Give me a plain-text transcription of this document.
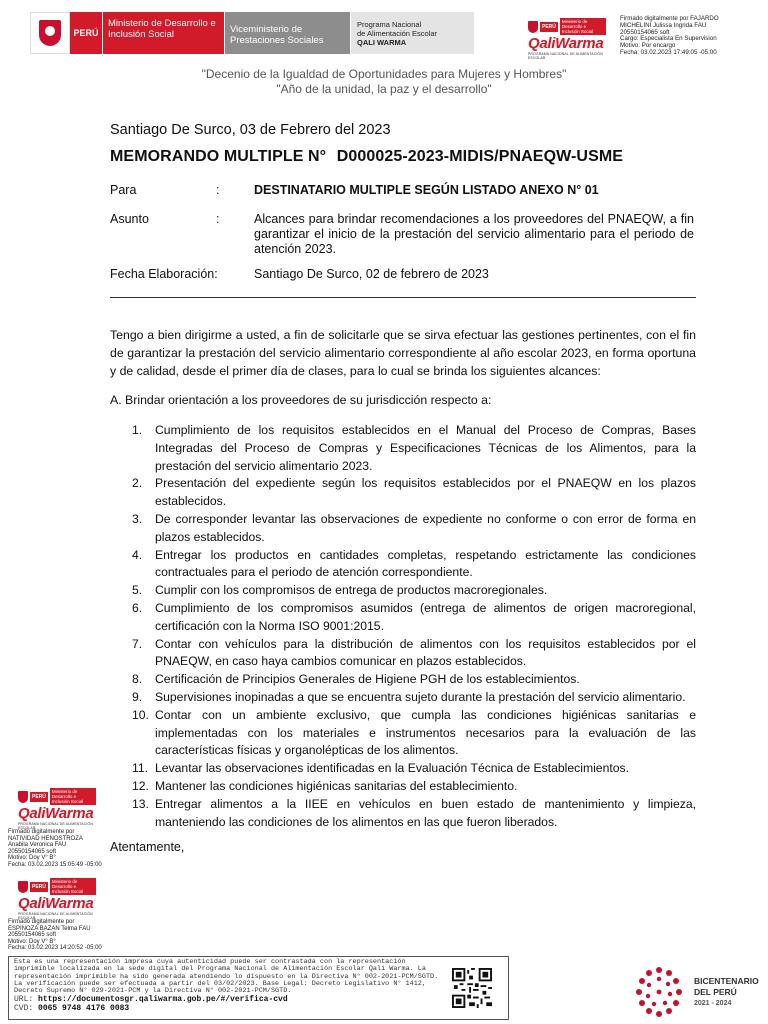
PERÚ
Ministerio de Desarrollo e Inclusión Social	Viceministerio de Prestaciones Sociales
Programa Nacional
de Alimentación Escolar
QALI WARMA
PERÚ
Ministerio de Desarrollo e Inclusión Social
QaliWarma
PROGRAMA NACIONAL DE ALIMENTACIÓN ESCOLAR
Firmado digitalmente por FAJARDO
MICHELINI Julissa Ingrida FAU
20550154065 soft
Cargo: Especialista En Supervision
Motivo: Por encargo
Fecha: 03.02.2023 17:49:05 -05:00
"Decenio de la Igualdad de Oportunidades para Mujeres y Hombres"
"Año de la unidad, la paz y el desarrollo"
Santiago De Surco, 03 de Febrero del 2023
MEMORANDO MULTIPLE N° D000025-2023-MIDIS/PNAEQW-USME
Para	:	DESTINATARIO MULTIPLE SEGÚN LISTADO ANEXO N° 01
Asunto	:	Alcances para brindar recomendaciones a los proveedores del PNAEQW, a fin garantizar el inicio de la prestación del servicio alimentario para el periodo de atención 2023.
Fecha Elaboración:	Santiago De Surco, 02 de febrero de 2023
Tengo a bien dirigirme a usted, a fin de solicitarle que se sirva efectuar las gestiones pertinentes, con el fin de garantizar la prestación del servicio alimentario correspondiente al año escolar 2023, en forma oportuna y de calidad, desde el primer día de clases, para lo cual se brinda los siguientes alcances:
A. Brindar orientación a los proveedores de su jurisdicción respecto a:
1.	Cumplimiento de los requisitos establecidos en el Manual del Proceso de Compras, Bases Integradas del Proceso de Compras y Especificaciones Técnicas de los Alimentos, para la prestación del servicio alimentario 2023.
2.	Presentación del expediente según los requisitos establecidos por el PNAEQW en los plazos establecidos.
3.	De corresponder levantar las observaciones de expediente no conforme o con error de forma en plazos establecidos.
4.	Entregar los productos en cantidades completas, respetando estrictamente las condiciones contractuales para el periodo de atención correspondiente.
5.	Cumplir con los compromisos de entrega de productos macroregionales.
6.	Cumplimiento de los compromisos asumidos (entrega de alimentos de origen macroregional, certificación con la Norma ISO 9001:2015.
7.	Contar con vehículos para la distribución de alimentos con los requisitos establecidos por el PNAEQW, en caso haya cambios comunicar en plazos establecidos.
8.	Certificación de Principios Generales de Higiene PGH de los establecimientos.
9.	Supervisiones inopinadas a que se encuentra sujeto durante la prestación del servicio alimentario.
10. Contar con un ambiente exclusivo, que cumpla las condiciones higiénicas sanitarias e implementadas con los materiales e instrumentos necesarios para la evaluación de las características físicas y organolépticas de los alimentos.
11. Levantar las observaciones identificadas en la Evaluación Técnica de Establecimientos.
12. Mantener las condiciones higiénicas sanitarias del establecimiento.
13. Entregar alimentos a la IIEE en vehículos en buen estado de mantenimiento y limpieza, manteniendo las condiciones de los alimentos en las que fueron liberados.
Atentamente,
PERÚ
Ministerio de Desarrollo e Inclusión Social
QaliWarma
PROGRAMA NACIONAL DE ALIMENTACIÓN ESCOLAR
Firmado digitalmente por
NATIVIDAD HENOSTROZA
Anabila Veronica FAU
20550154065 soft
Motivo: Doy V° B°
Fecha: 03.02.2023 15:05:49 -05:00
PERÚ
Ministerio de Desarrollo e Inclusión Social
QaliWarma
PROGRAMA NACIONAL DE ALIMENTACIÓN ESCOLAR
Firmado digitalmente por
ESPINOZA BAZAN Telma FAU
20550154065 soft
Motivo: Doy V° B°
Fecha: 03.02.2023 14:20:52 -05:00
Esta es una representación impresa cuya autenticidad puede ser contrastada con la representación imprimible localizada en la sede digital del Programa Nacional de Alimentación Escolar Qali Warma. La representación imprimible ha sido generada atendiendo lo dispuesto en la Directiva N° 002-2021-PCM/SGTD. La verificación puede ser efectuada a partir del 03/02/2023. Base Legal: Decreto Legislativo N° 1412, Decreto Supremo N° 029-2021-PCM y la Directiva N° 002-2021-PCM/SGTD.
URL: https://documentosgr.qaliwarma.gob.pe/#/verifica-cvd
CVD: 0065 9748 4176 0083
BICENTENARIO
DEL PERÚ
2021 - 2024
